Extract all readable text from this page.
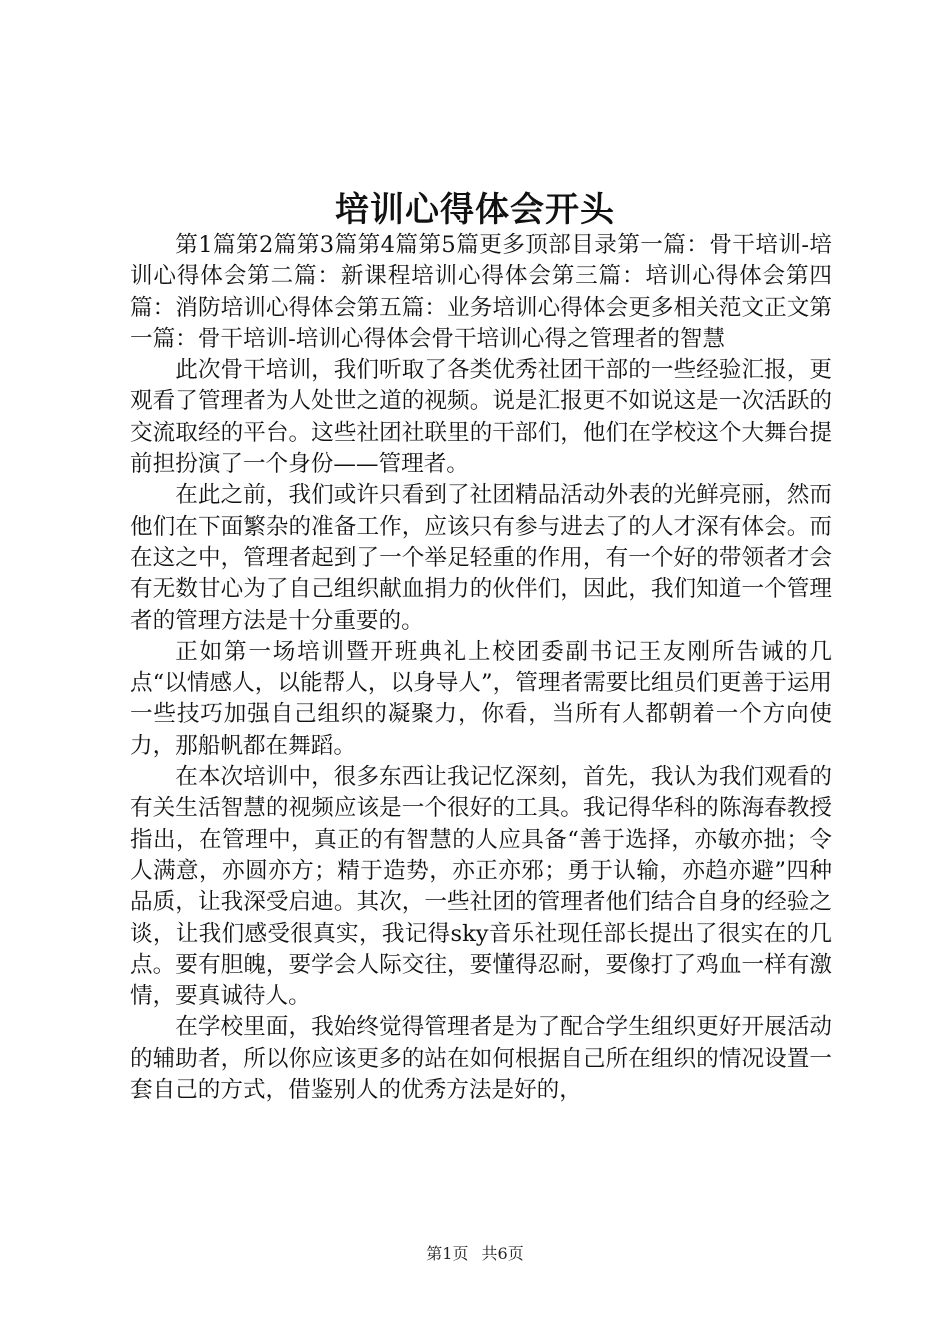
培训心得体会开头

第1篇第2篇第3篇第4篇第5篇更多顶部目录第一篇：骨干培训-培训心得体会第二篇：新课程培训心得体会第三篇：培训心得体会第四篇：消防培训心得体会第五篇：业务培训心得体会更多相关范文正文第一篇：骨干培训-培训心得体会骨干培训心得之管理者的智慧

此次骨干培训，我们听取了各类优秀社团干部的一些经验汇报，更观看了管理者为人处世之道的视频。说是汇报更不如说这是一次活跃的交流取经的平台。这些社团社联里的干部们，他们在学校这个大舞台提前担扮演了一个身份——管理者。

在此之前，我们或许只看到了社团精品活动外表的光鲜亮丽，然而他们在下面繁杂的准备工作，应该只有参与进去了的人才深有体会。而在这之中，管理者起到了一个举足轻重的作用，有一个好的带领者才会有无数甘心为了自己组织献血捐力的伙伴们，因此，我们知道一个管理者的管理方法是十分重要的。

正如第一场培训暨开班典礼上校团委副书记王友刚所告诫的几点“以情感人，以能帮人，以身导人”，管理者需要比组员们更善于运用一些技巧加强自己组织的凝聚力，你看，当所有人都朝着一个方向使力，那船帆都在舞蹈。

在本次培训中，很多东西让我记忆深刻，首先，我认为我们观看的有关生活智慧的视频应该是一个很好的工具。我记得华科的陈海春教授指出，在管理中，真正的有智慧的人应具备“善于选择，亦敏亦拙；令人满意，亦圆亦方；精于造势，亦正亦邪；勇于认输，亦趋亦避”四种品质，让我深受启迪。其次，一些社团的管理者他们结合自身的经验之谈，让我们感受很真实，我记得sky音乐社现任部长提出了很实在的几点。要有胆魄，要学会人际交往，要懂得忍耐，要像打了鸡血一样有激情，要真诚待人。

在学校里面，我始终觉得管理者是为了配合学生组织更好开展活动的辅助者，所以你应该更多的站在如何根据自己所在组织的情况设置一套自己的方式，借鉴别人的优秀方法是好的，

第1页 共6页
